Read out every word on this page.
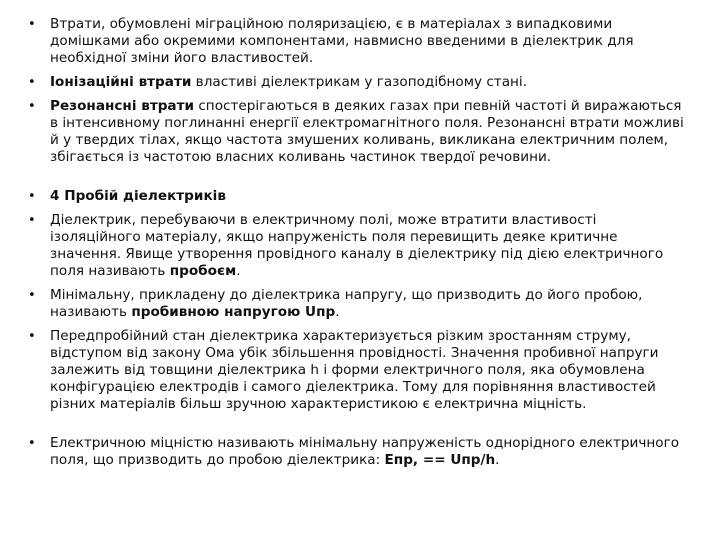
• Втрати, обумовлені міграційною поляризацією, є в матеріалах з випадковими домішками або окремими компонентами, навмисно введеними в діелектрик для необхідної зміни його властивостей.
• Іонізаційні втрати властиві діелектрикам у газоподібному стані.
• Резонансні втрати спостерігаються в деяких газах при певній частоті й виражаються в інтенсивному поглинанні енергії електромагнітного поля. Резонансні втрати можливі й у твердих тілах, якщо частота змушених коливань, викликана електричним полем, збігається із частотою власних коливань частинок твердої речовини.
• 4 Пробій діелектриків
• Діелектрик, перебуваючи в електричному полі, може втратити властивості ізоляційного матеріалу, якщо напруженість поля перевищить деяке критичне значення. Явище утворення провідного каналу в діелектрику під дією електричного поля називають пробоєм.
• Мінімальну, прикладену до діелектрика напругу, що призводить до його пробою, називають пробивною напругою Uпр.
• Передпробійний стан діелектрика характеризується різким зростанням струму, відступом від закону Ома убік збільшення провідності. Значення пробивної напруги залежить від товщини діелектрика h і форми електричного поля, яка обумовлена конфігурацією електродів і самого діелектрика. Тому для порівняння властивостей різних матеріалів більш зручною характеристикою є електрична міцність.
• Електричною міцністю називають мінімальну напруженість однорідного електричного поля, що призводить до пробою діелектрика: Епр, == Uпр/h.
